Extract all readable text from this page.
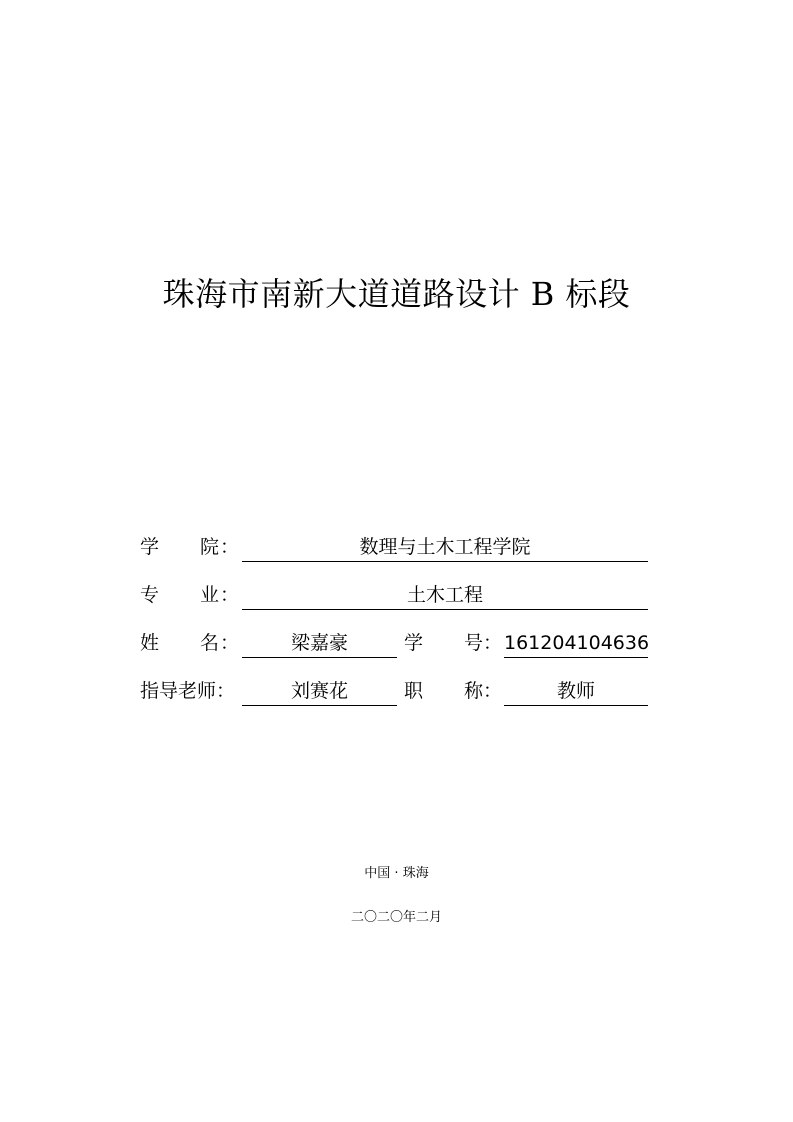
珠海市南新大道道路设计 B 标段
学 院：	数理与土木工程学院
专 业：	土木工程
姓 名：	梁嘉豪	学 号： 161204104636
指导老师：	刘赛花	职 称：	教师
中国 · 珠海
二〇二〇年二月
